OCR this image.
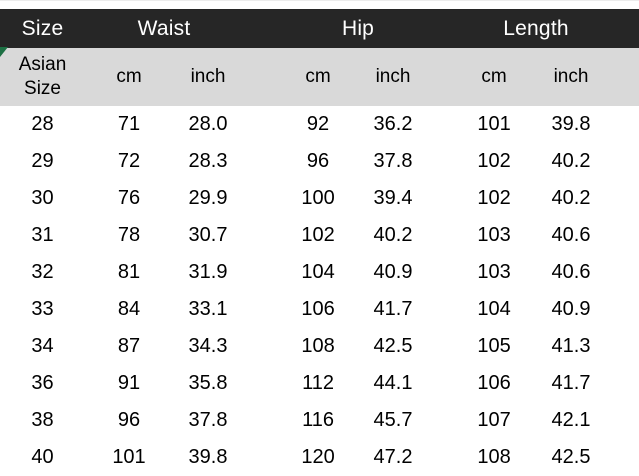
Size	Waist			Hip			Length		
Asian Size	cm	inch		cm	inch		cm	inch	
28	71	28.0		92	36.2		101	39.8	
29	72	28.3		96	37.8		102	40.2	
30	76	29.9		100	39.4		102	40.2	
31	78	30.7		102	40.2		103	40.6	
32	81	31.9		104	40.9		103	40.6	
33	84	33.1		106	41.7		104	40.9	
34	87	34.3		108	42.5		105	41.3	
36	91	35.8		112	44.1		106	41.7	
38	96	37.8		116	45.7		107	42.1	
40	101	39.8		120	47.2		108	42.5	
